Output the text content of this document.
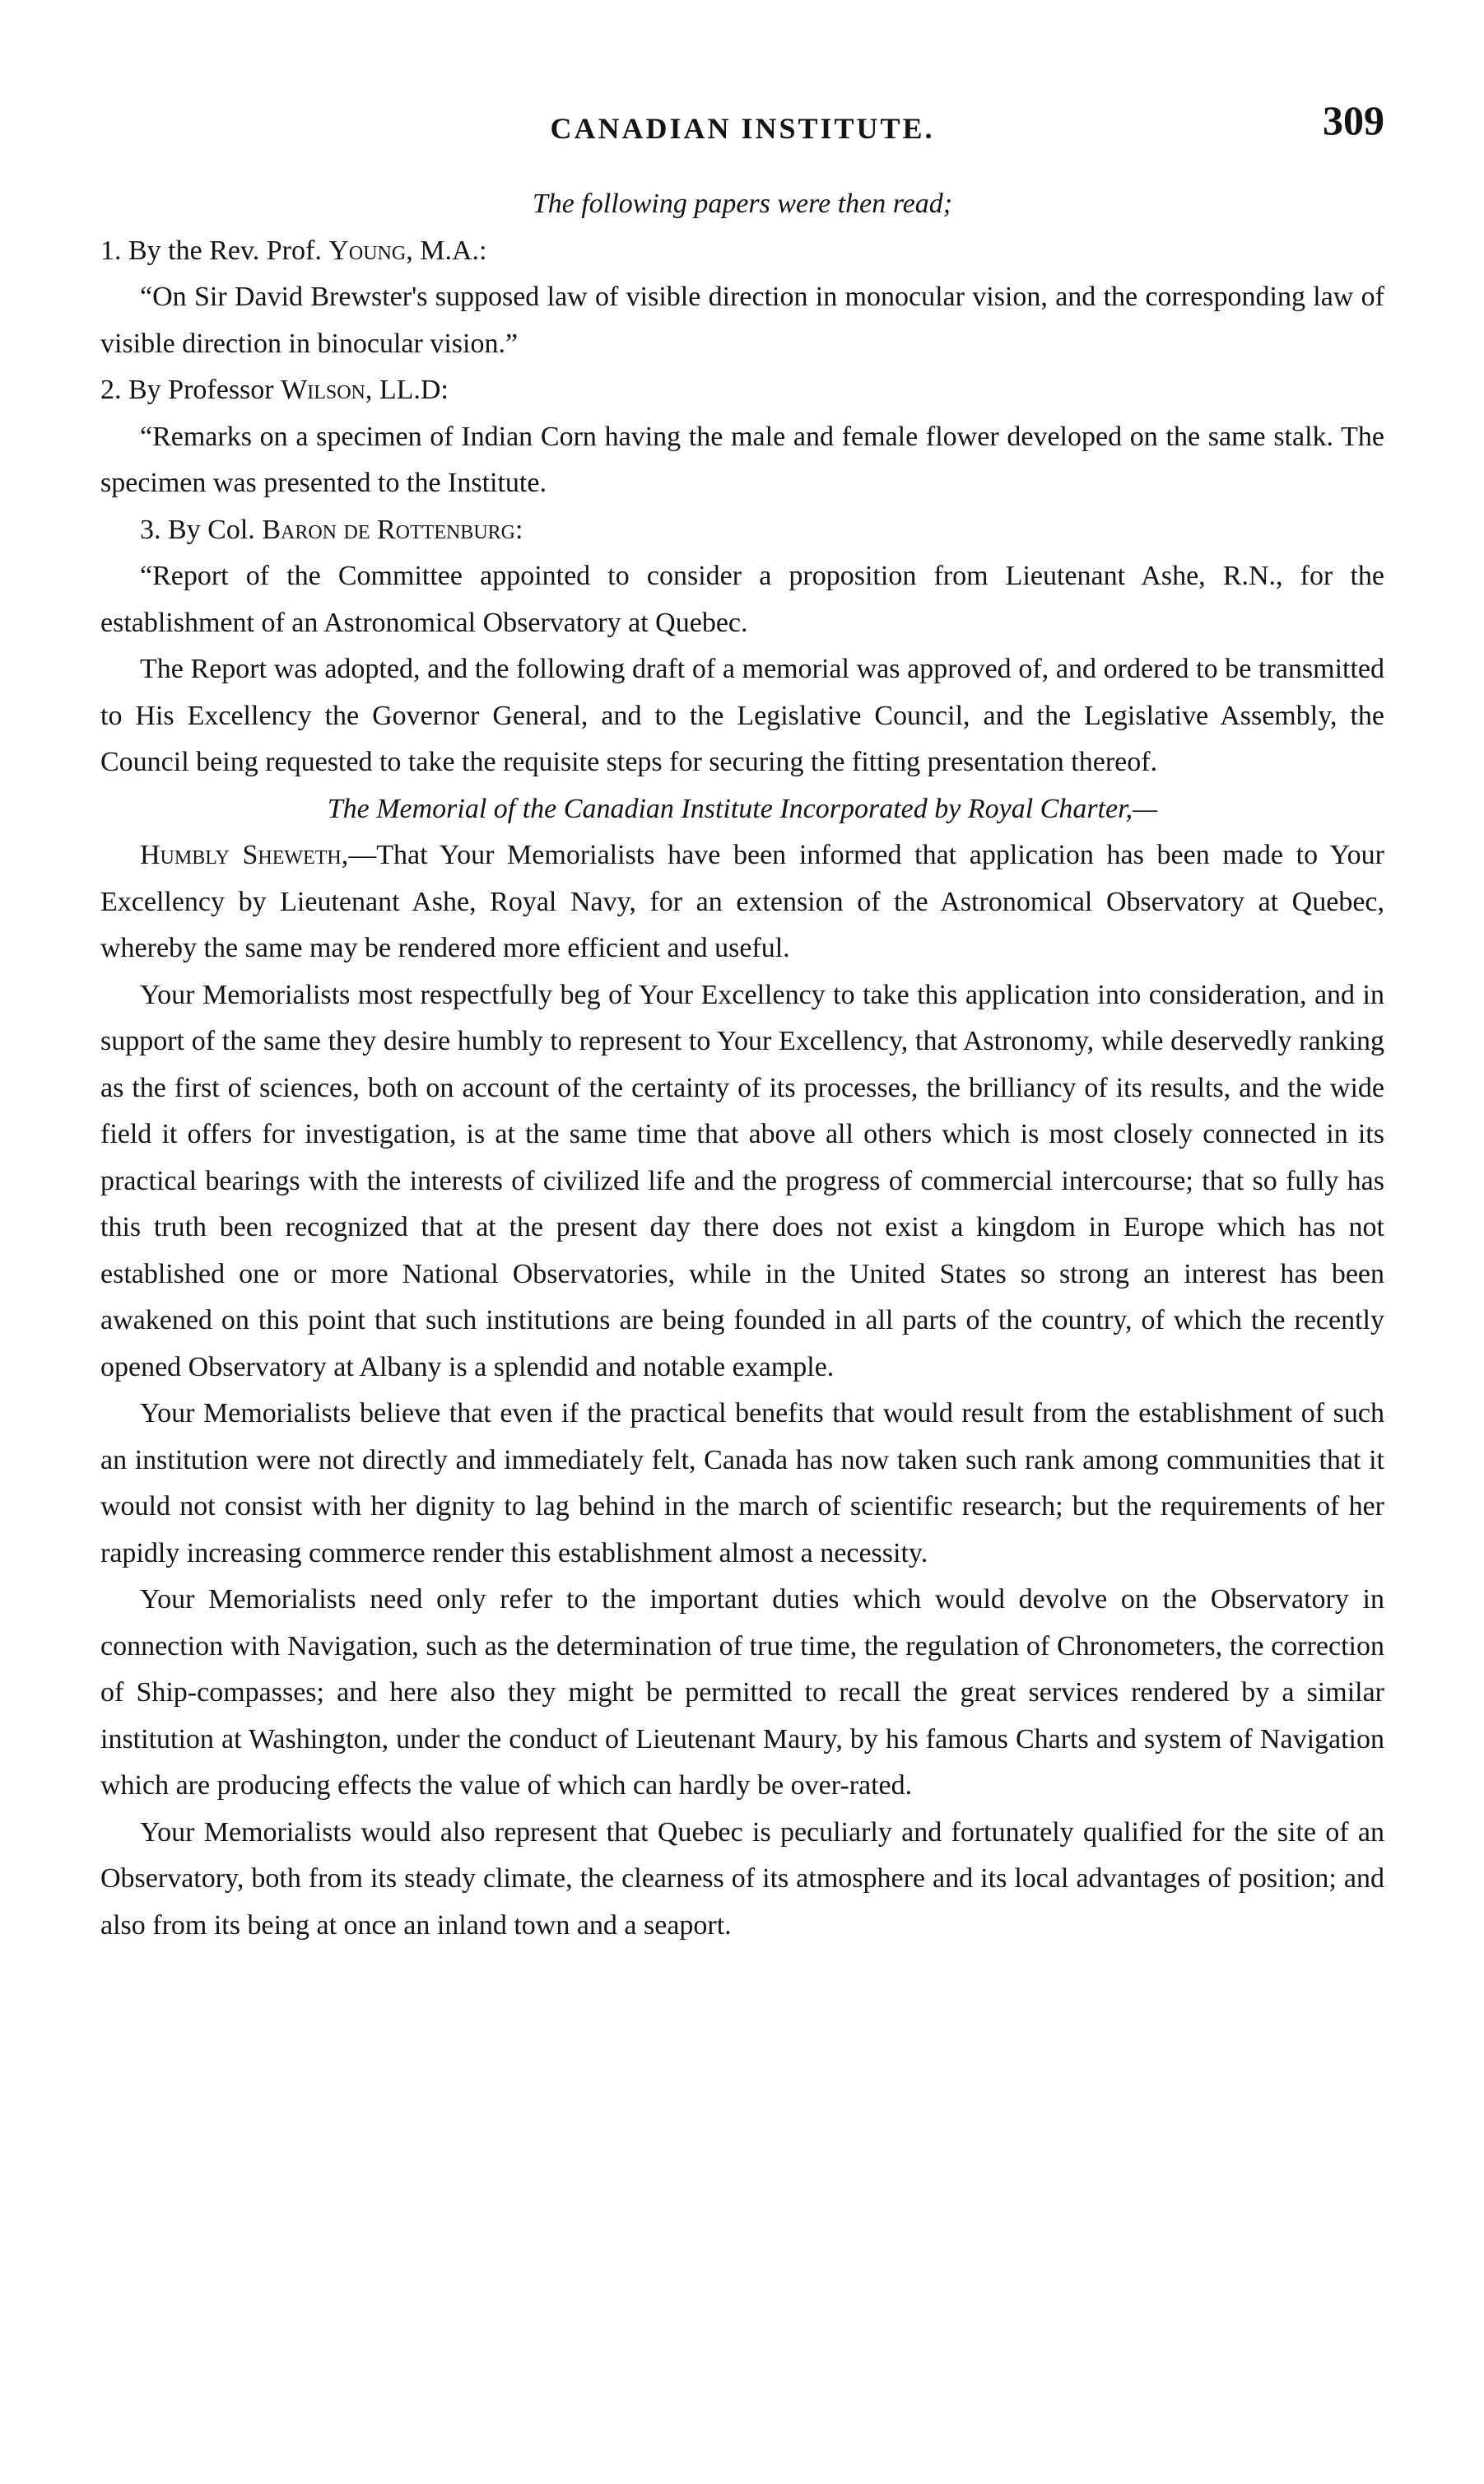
CANADIAN INSTITUTE.	309

The following papers were then read;

1. By the Rev. Prof. Young, M.A.:

“On Sir David Brewster's supposed law of visible direction in monocular vision, and the corresponding law of visible direction in binocular vision.”

2. By Professor Wilson, LL.D:

“Remarks on a specimen of Indian Corn having the male and female flower developed on the same stalk. The specimen was presented to the Institute.

3. By Col. Baron de Rottenburg:

“Report of the Committee appointed to consider a proposition from Lieutenant Ashe, R.N., for the establishment of an Astronomical Observatory at Quebec.

The Report was adopted, and the following draft of a memorial was approved of, and ordered to be transmitted to His Excellency the Governor General, and to the Legislative Council, and the Legislative Assembly, the Council being requested to take the requisite steps for securing the fitting presentation thereof.

The Memorial of the Canadian Institute Incorporated by Royal Charter,—

Humbly Sheweth,—That Your Memorialists have been informed that application has been made to Your Excellency by Lieutenant Ashe, Royal Navy, for an extension of the Astronomical Observatory at Quebec, whereby the same may be rendered more efficient and useful.

Your Memorialists most respectfully beg of Your Excellency to take this application into consideration, and in support of the same they desire humbly to represent to Your Excellency, that Astronomy, while deservedly ranking as the first of sciences, both on account of the certainty of its processes, the brilliancy of its results, and the wide field it offers for investigation, is at the same time that above all others which is most closely connected in its practical bearings with the interests of civilized life and the progress of commercial intercourse; that so fully has this truth been recognized that at the present day there does not exist a kingdom in Europe which has not established one or more National Observatories, while in the United States so strong an interest has been awakened on this point that such institutions are being founded in all parts of the country, of which the recently opened Observatory at Albany is a splendid and notable example.

Your Memorialists believe that even if the practical benefits that would result from the establishment of such an institution were not directly and immediately felt, Canada has now taken such rank among communities that it would not consist with her dignity to lag behind in the march of scientific research; but the requirements of her rapidly increasing commerce render this establishment almost a necessity.

Your Memorialists need only refer to the important duties which would devolve on the Observatory in connection with Navigation, such as the determination of true time, the regulation of Chronometers, the correction of Ship-compasses; and here also they might be permitted to recall the great services rendered by a similar institution at Washington, under the conduct of Lieutenant Maury, by his famous Charts and system of Navigation which are producing effects the value of which can hardly be over-rated.

Your Memorialists would also represent that Quebec is peculiarly and fortunately qualified for the site of an Observatory, both from its steady climate, the clearness of its atmosphere and its local advantages of position; and also from its being at once an inland town and a seaport.
